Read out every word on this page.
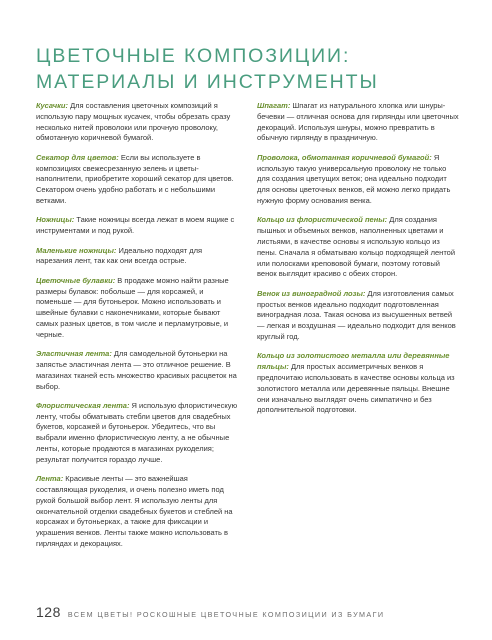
ЦВЕТОЧНЫЕ КОМПОЗИЦИИ: МАТЕРИАЛЫ И ИНСТРУМЕНТЫ

Кусачки: Для составления цветочных композиций я использую пару мощных кусачек, чтобы обрезать сразу несколько нитей проволоки или прочную проволоку, обмотанную коричневой бумагой.

Секатор для цветов: Если вы используете в композициях свежесрезанную зелень и цветы-наполнители, приобретите хороший секатор для цветов. Секатором очень удобно работать и с небольшими ветками.

Ножницы: Такие ножницы всегда лежат в моем ящике с инструментами и под рукой.

Маленькие ножницы: Идеально подходят для нарезания лент, так как они всегда острые.

Цветочные булавки: В продаже можно найти разные размеры булавок: побольше — для корсажей, и поменьше — для бутоньерок. Можно использовать и швейные булавки с наконечниками, которые бывают самых разных цветов, в том числе и перламутровые, и черные.

Эластичная лента: Для самодельной бутоньерки на запястье эластичная лента — это отличное решение. В магазинах тканей есть множество красивых расцветок на выбор.

Флористическая лента: Я использую флористическую ленту, чтобы обматывать стебли цветов для свадебных букетов, корсажей и бутоньерок. Убедитесь, что вы выбрали именно флористическую ленту, а не обычные ленты, которые продаются в магазинах рукоделия; результат получится гораздо лучше.

Лента: Красивые ленты — это важнейшая составляющая рукоделия, и очень полезно иметь под рукой большой выбор лент. Я использую ленты для окончательной отделки свадебных букетов и стеблей на корсажах и бутоньерках, а также для фиксации и украшения венков. Ленты также можно использовать в гирляндах и декорациях.

Шпагат: Шпагат из натурального хлопка или шнуры-бечевки — отличная основа для гирлянды или цветочных декораций. Используя шнуры, можно превратить в обычную гирлянду в праздничную.

Проволока, обмотанная коричневой бумагой: Я использую такую универсальную проволоку не только для создания цветущих веток; она идеально подходит для основы цветочных венков, ей можно легко придать нужную форму основания венка.

Кольцо из флористической пены: Для создания пышных и объемных венков, наполненных цветами и листьями, в качестве основы я использую кольцо из пены. Сначала я обматываю кольцо подходящей лентой или полосками крепововой бумаги, поэтому готовый венок выглядит красиво с обеих сторон.

Венок из виноградной лозы: Для изготовления самых простых венков идеально подходит подготовленная виноградная лоза. Такая основа из высушенных ветвей — легкая и воздушная — идеально подходит для венков круглый год.

Кольцо из золотистого металла или деревянные пяльцы: Для простых ассиметричных венков я предпочитаю использовать в качестве основы кольца из золотистого металла или деревянные пяльцы. Внешне они изначально выглядят очень симпатично и без дополнительной подготовки.

128 ВСЕМ ЦВЕТЫ! РОСКОШНЫЕ ЦВЕТОЧНЫЕ КОМПОЗИЦИИ ИЗ БУМАГИ
